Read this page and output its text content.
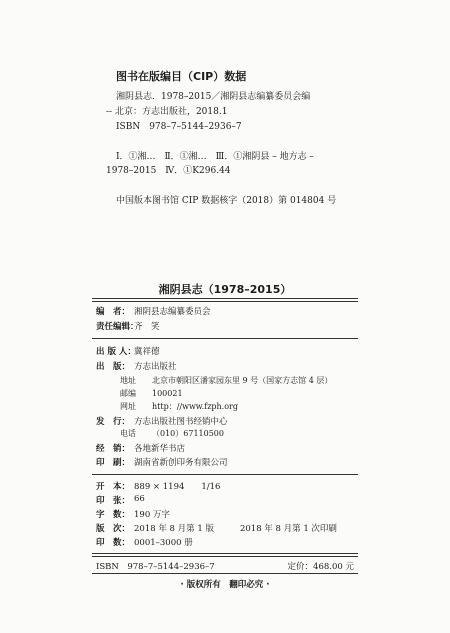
图书在版编目（CIP）数据
湘阴县志．1978–2015／湘阴县志编纂委员会编
-- 北京：方志出版社，2018.1
ISBN　978–7–5144–2936–7
Ⅰ．①湘…　Ⅱ．①湘…　Ⅲ．①湘阴县 – 地方志 –
1978–2015　Ⅳ．①K296.44
中国版本图书馆 CIP 数据核字（2018）第 014804 号
湘阴县志（1978–2015）
编　者： 湘阴县志编纂委员会
责任编辑：
齐　笑
出 版 人：
冀祥德
出　版： 方志出版社
地址 北京市朝阳区潘家园东里 9 号（国家方志馆 4 层）
邮编 100021
网址 http：//www.fzph.org
发　行： 方志出版社图书经销中心
电话 （010）67110500
经　销： 各地新华书店
印　刷： 湖南省新创印务有限公司
开　本： 889 × 1194　　1/16
印　张： 66
字　数： 190 万字
版　次： 2018 年 8 月第 1 版	2018 年 8 月第 1 次印刷
印　数： 0001–3000 册
ISBN　978–7–5144–2936–7	定价：468.00 元
· 版权所有　翻印必究 ·
